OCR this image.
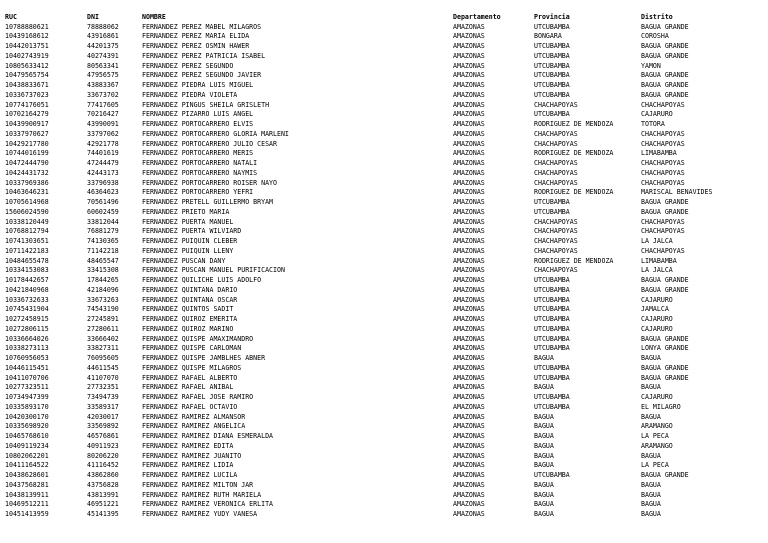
RUC	DNI	NOMBRE	Departamento	Provincia	Distrito
10788880621	78888062	FERNANDEZ PEREZ MABEL MILAGROS	AMAZONAS	UTCUBAMBA	BAGUA GRANDE
10439168612	43916861	FERNANDEZ PEREZ MARIA ELIDA	AMAZONAS	BONGARA	COROSHA
10442013751	44201375	FERNANDEZ PEREZ OSMIN HAWER	AMAZONAS	UTCUBAMBA	BAGUA GRANDE
10402743919	40274391	FERNANDEZ PEREZ PATRICIA ISABEL	AMAZONAS	UTCUBAMBA	BAGUA GRANDE
10805633412	80563341	FERNANDEZ PEREZ SEGUNDO	AMAZONAS	UTCUBAMBA	YAMON
10479565754	47956575	FERNANDEZ PEREZ SEGUNDO JAVIER	AMAZONAS	UTCUBAMBA	BAGUA GRANDE
10438833671	43883367	FERNANDEZ PIEDRA LUIS MIGUEL	AMAZONAS	UTCUBAMBA	BAGUA GRANDE
10336737023	33673702	FERNANDEZ PIEDRA VIOLETA	AMAZONAS	UTCUBAMBA	BAGUA GRANDE
10774176051	77417605	FERNANDEZ PINGUS SHEILA GRISLETH	AMAZONAS	CHACHAPOYAS	CHACHAPOYAS
10702164279	70216427	FERNANDEZ PIZARRO LUIS ANGEL	AMAZONAS	UTCUBAMBA	CAJARURO
10439900917	43990091	FERNANDEZ PORTOCARRERO ELVIS	AMAZONAS	RODRIGUEZ DE MENDOZA	TOTORA
10337970627	33797062	FERNANDEZ PORTOCARRERO GLORIA MARLENI	AMAZONAS	CHACHAPOYAS	CHACHAPOYAS
10429217780	42921778	FERNANDEZ PORTOCARRERO JULIO CESAR	AMAZONAS	CHACHAPOYAS	CHACHAPOYAS
10744016199	74401619	FERNANDEZ PORTOCARRERO MERIS	AMAZONAS	RODRIGUEZ DE MENDOZA	LIMABAMBA
10472444790	47244479	FERNANDEZ PORTOCARRERO NATALI	AMAZONAS	CHACHAPOYAS	CHACHAPOYAS
10424431732	42443173	FERNANDEZ PORTOCARRERO NAYMIS	AMAZONAS	CHACHAPOYAS	CHACHAPOYAS
10337969386	33796938	FERNANDEZ PORTOCARRERO ROISER NAYO	AMAZONAS	CHACHAPOYAS	CHACHAPOYAS
10463646231	46364623	FERNANDEZ PORTOCARRERO YEFRI	AMAZONAS	RODRIGUEZ DE MENDOZA	MARISCAL BENAVIDES
10705614968	70561496	FERNANDEZ PRETELL GUILLERMO BRYAM	AMAZONAS	UTCUBAMBA	BAGUA GRANDE
15606024590	60602459	FERNANDEZ PRIETO MARIA	AMAZONAS	UTCUBAMBA	BAGUA GRANDE
10338120449	33812044	FERNANDEZ PUERTA MANUEL	AMAZONAS	CHACHAPOYAS	CHACHAPOYAS
10768812794	76881279	FERNANDEZ PUERTA WILVIARD	AMAZONAS	CHACHAPOYAS	CHACHAPOYAS
10741303651	74130365	FERNANDEZ PUIQUIN CLEBER	AMAZONAS	CHACHAPOYAS	LA JALCA
10711422183	71142218	FERNANDEZ PUIQUIN LLENY	AMAZONAS	CHACHAPOYAS	CHACHAPOYAS
10484655478	48465547	FERNANDEZ PUSCAN DANY	AMAZONAS	RODRIGUEZ DE MENDOZA	LIMABAMBA
10334153083	33415308	FERNANDEZ PUSCAN MANUEL PURIFICACION	AMAZONAS	CHACHAPOYAS	LA JALCA
10178442657	17844265	FERNANDEZ QUILICHE LUIS ADOLFO	AMAZONAS	UTCUBAMBA	BAGUA GRANDE
10421840968	42184096	FERNANDEZ QUINTANA DARIO	AMAZONAS	UTCUBAMBA	BAGUA GRANDE
10336732633	33673263	FERNANDEZ QUINTANA OSCAR	AMAZONAS	UTCUBAMBA	CAJARURO
10745431904	74543190	FERNANDEZ QUINTOS SADIT	AMAZONAS	UTCUBAMBA	JAMALCA
10272458915	27245891	FERNANDEZ QUIROZ EMERITA	AMAZONAS	UTCUBAMBA	CAJARURO
10272806115	27280611	FERNANDEZ QUIROZ MARINO	AMAZONAS	UTCUBAMBA	CAJARURO
10336664026	33666402	FERNANDEZ QUISPE AMAXIMANDRO	AMAZONAS	UTCUBAMBA	BAGUA GRANDE
10338273113	33827311	FERNANDEZ QUISPE CARLOMAN	AMAZONAS	UTCUBAMBA	LONYA GRANDE
10760956053	76095605	FERNANDEZ QUISPE JAMBLHES ABNER	AMAZONAS	BAGUA	BAGUA
10446115451	44611545	FERNANDEZ QUISPE MILAGROS	AMAZONAS	UTCUBAMBA	BAGUA GRANDE
10411070706	41107070	FERNANDEZ RAFAEL ALBERTO	AMAZONAS	UTCUBAMBA	BAGUA GRANDE
10277323511	27732351	FERNANDEZ RAFAEL ANIBAL	AMAZONAS	BAGUA	BAGUA
10734947399	73494739	FERNANDEZ RAFAEL JOSE RAMIRO	AMAZONAS	UTCUBAMBA	CAJARURO
10335893170	33589317	FERNANDEZ RAFAEL OCTAVIO	AMAZONAS	UTCUBAMBA	EL MILAGRO
10420300170	42030017	FERNANDEZ RAMIREZ ALMANSOR	AMAZONAS	BAGUA	BAGUA
10335698920	33569892	FERNANDEZ RAMIREZ ANGELICA	AMAZONAS	BAGUA	ARAMANGO
10465768610	46576861	FERNANDEZ RAMIREZ DIANA ESMERALDA	AMAZONAS	BAGUA	LA PECA
10409119234	40911923	FERNANDEZ RAMIREZ EDITA	AMAZONAS	BAGUA	ARAMANGO
10802062201	80206220	FERNANDEZ RAMIREZ JUANITO	AMAZONAS	BAGUA	BAGUA
10411164522	41116452	FERNANDEZ RAMIREZ LIDIA	AMAZONAS	BAGUA	LA PECA
10438628601	43862860	FERNANDEZ RAMIREZ LUCILA	AMAZONAS	UTCUBAMBA	BAGUA GRANDE
10437568281	43756828	FERNANDEZ RAMIREZ MILTON JAR	AMAZONAS	BAGUA	BAGUA
10438139911	43813991	FERNANDEZ RAMIREZ RUTH MARIELA	AMAZONAS	BAGUA	BAGUA
10469512211	46951221	FERNANDEZ RAMIREZ VERONICA ERLITA	AMAZONAS	BAGUA	BAGUA
10451413959	45141395	FERNANDEZ RAMIREZ YUDY VANESA	AMAZONAS	BAGUA	BAGUA
